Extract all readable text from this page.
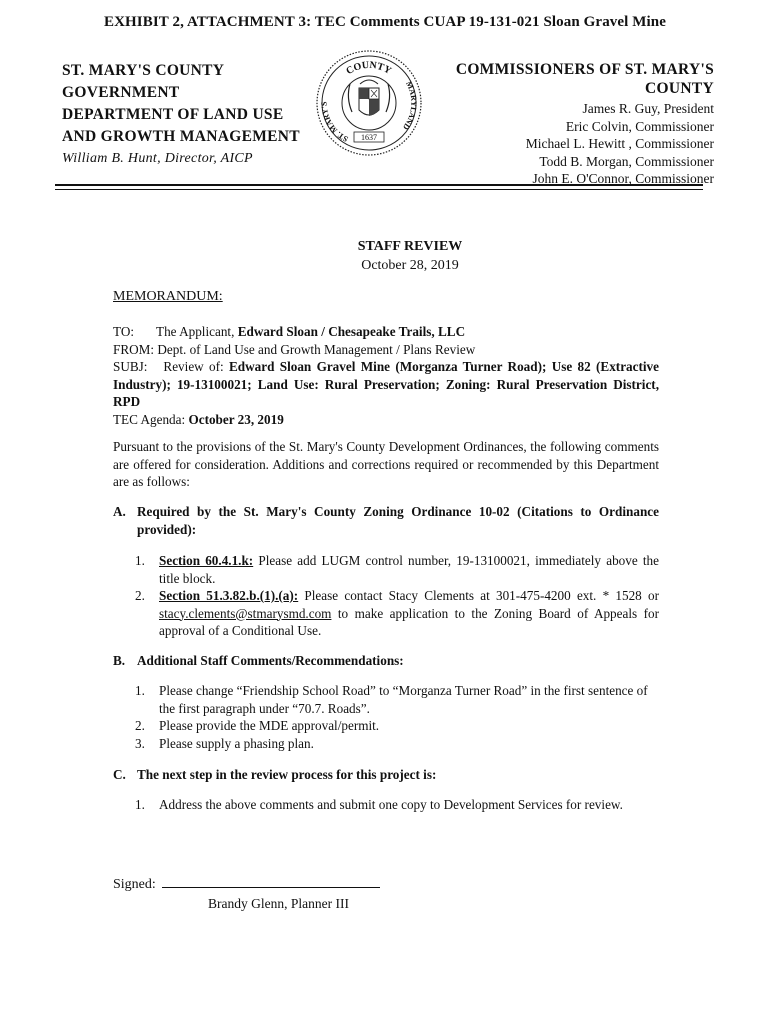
EXHIBIT 2, ATTACHMENT 3: TEC Comments CUAP 19-131-021 Sloan Gravel Mine
ST. MARY'S COUNTY
GOVERNMENT
DEPARTMENT OF LAND USE
AND GROWTH MANAGEMENT
William B. Hunt, Director, AICP
COUNTY
ST. MARY'S
MARYLAND
1637
COMMISSIONERS OF ST. MARY'S
COUNTY
James R. Guy, President
Eric Colvin, Commissioner
Michael L. Hewitt , Commissioner
Todd B. Morgan, Commissioner
John E. O'Connor, Commissioner
STAFF REVIEW
October 28, 2019
MEMORANDUM:
TO: The Applicant, Edward Sloan / Chesapeake Trails, LLC
FROM: Dept. of Land Use and Growth Management / Plans Review
SUBJ: Review of: Edward Sloan Gravel Mine (Morganza Turner Road); Use 82 (Extractive Industry); 19-13100021; Land Use: Rural Preservation; Zoning: Rural Preservation District, RPD
TEC Agenda: October 23, 2019
Pursuant to the provisions of the St. Mary's County Development Ordinances, the following comments are offered for consideration. Additions and corrections required or recommended by this Department are as follows:
A. Required by the St. Mary's County Zoning Ordinance 10-02 (Citations to Ordinance provided):
1. Section 60.4.1.k: Please add LUGM control number, 19-13100021, immediately above the title block.
2. Section 51.3.82.b.(1).(a): Please contact Stacy Clements at 301-475-4200 ext. * 1528 or stacy.clements@stmarysmd.com to make application to the Zoning Board of Appeals for approval of a Conditional Use.
B. Additional Staff Comments/Recommendations:
1. Please change “Friendship School Road” to “Morganza Turner Road” in the first sentence of the first paragraph under “70.7. Roads”.
2. Please provide the MDE approval/permit.
3. Please supply a phasing plan.
C. The next step in the review process for this project is:
1. Address the above comments and submit one copy to Development Services for review.
Signed:
Brandy Glenn, Planner III
